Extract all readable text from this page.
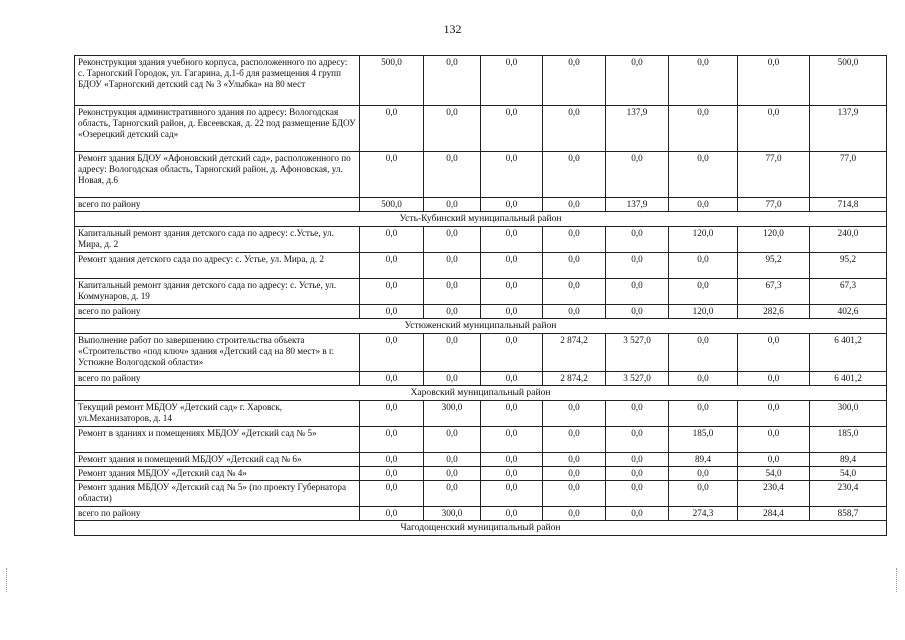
132
Реконструкция здания учебного корпуса, расположенного по адресу: с. Тарногский Городок, ул. Гагарина, д.1-б для размещения 4 групп БДОУ «Тарногский детский сад № 3 «Улыбка» на 80 мест	500,0	0,0	0,0	0,0	0,0	0,0	0,0	500,0
Реконструкция административного здания по адресу: Вологодская область, Тарногский район, д. Евсеевская, д. 22 под размещение БДОУ «Озерецкий детский сад»	0,0	0,0	0,0	0,0	137,9	0,0	0,0	137,9
Ремонт здания БДОУ «Афоновский детский сад», расположенного по адресу: Вологодская область, Тарногский район, д. Афоновская, ул. Новая, д.6	0,0	0,0	0,0	0,0	0,0	0,0	77,0	77,0
всего по району	500,0	0,0	0,0	0,0	137,9	0,0	77,0	714,8
Усть-Кубинский муниципальный район								
Капитальный ремонт здания детского сада по адресу: с.Устье, ул. Мира, д. 2	0,0	0,0	0,0	0,0	0,0	120,0	120,0	240,0
Ремонт здания детского сада по адресу: с. Устье, ул. Мира, д. 2	0,0	0,0	0,0	0,0	0,0	0,0	95,2	95,2
Капитальный ремонт здания детского сада по адресу: с. Устье, ул. Коммунаров, д. 19	0,0	0,0	0,0	0,0	0,0	0,0	67,3	67,3
всего по району	0,0	0,0	0,0	0,0	0,0	120,0	282,6	402,6
Устюженский муниципальный район								
Выполнение работ по завершению строительства объекта «Строительство «под ключ» здания «Детский сад на 80 мест» в г. Устюжне Вологодской области»	0,0	0,0	0,0	2 874,2	3 527,0	0,0	0,0	6 401,2
всего по району	0,0	0,0	0,0	2 874,2	3 527,0	0,0	0,0	6 401,2
Харовский муниципальный район								
Текущий ремонт МБДОУ «Детский сад» г. Харовск, ул.Механизаторов, д. 14	0,0	300,0	0,0	0,0	0,0	0,0	0,0	300,0
Ремонт в зданиях и помещениях МБДОУ «Детский сад № 5»	0,0	0,0	0,0	0,0	0,0	185,0	0,0	185,0
Ремонт здания и помещений МБДОУ «Детский сад № 6»	0,0	0,0	0,0	0,0	0,0	89,4	0,0	89,4
Ремонт здания МБДОУ «Детский сад № 4»	0,0	0,0	0,0	0,0	0,0	0,0	54,0	54,0
Ремонт здания МБДОУ «Детский сад № 5» (по проекту Губернатора области)	0,0	0,0	0,0	0,0	0,0	0,0	230,4	230,4
всего по району	0,0	300,0	0,0	0,0	0,0	274,3	284,4	858,7
Чагодощенский муниципальный район								
